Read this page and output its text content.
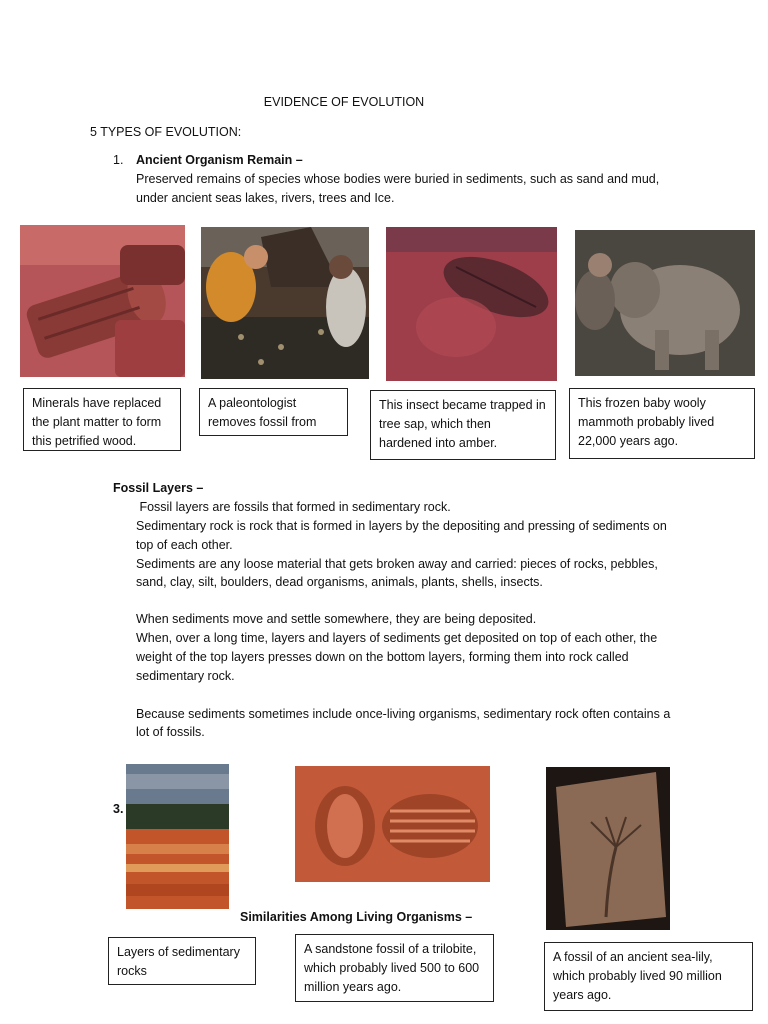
EVIDENCE OF EVOLUTION
5 TYPES OF EVOLUTION:
1. Ancient Organism Remain –
Preserved remains of species whose bodies were buried in sediments, such as sand and mud,
under ancient seas lakes, rivers, trees and Ice.
Minerals have replaced the plant matter to form this petrified wood.
A paleontologist removes fossil from
This insect became trapped in tree sap, which then hardened into amber.
This frozen baby wooly mammoth probably lived 22,000 years ago.
Fossil Layers –
Fossil layers are fossils that formed in sedimentary rock.
Sedimentary rock is rock that is formed in layers by the depositing and pressing of sediments on
top of each other.
Sediments are any loose material that gets broken away and carried: pieces of rocks, pebbles,
sand, clay, silt, boulders, dead organisms, animals, plants, shells, insects.
When sediments move and settle somewhere, they are being deposited.
When, over a long time, layers and layers of sediments get deposited on top of each other, the
weight of the top layers presses down on the bottom layers, forming them into rock called
sedimentary rock.
Because sediments sometimes include once-living organisms, sedimentary rock often contains a
lot of fossils.
3.
Similarities Among Living Organisms –
Layers of sedimentary rocks
A sandstone fossil of a trilobite, which probably lived 500 to 600 million years ago.
A fossil of an ancient sea-lily, which probably lived 90 million years ago.
